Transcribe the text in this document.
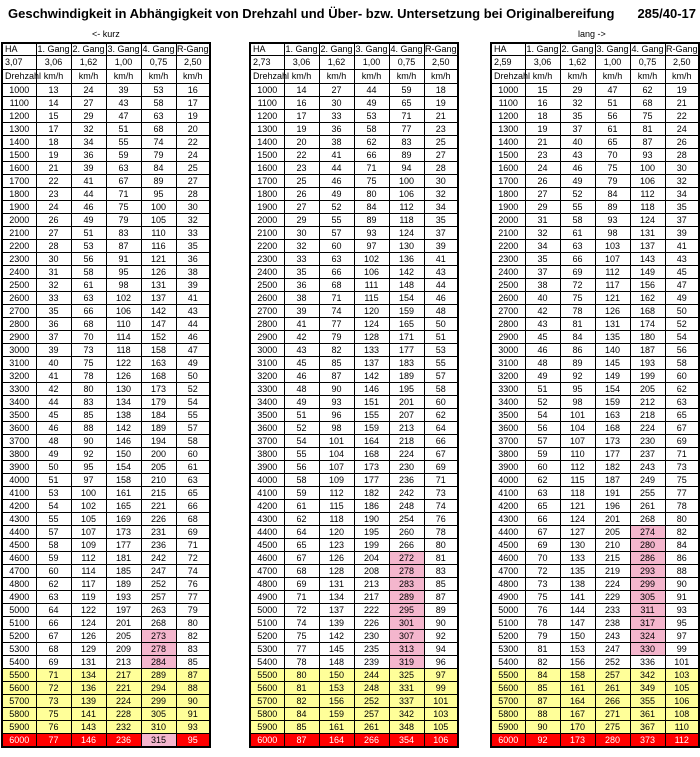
Geschwindigkeit in Abhängigkeit von Drehzahl und Über- bzw. Untersetzung bei Originalbereifung 285/40-17
<- kurz	lang ->
HA	1. Gang	2. Gang	3. Gang	4. Gang	R-Gang
3,07	3,06	1,62	1,00	0,75	2,50
Drehzahl	km/h	km/h	km/h	km/h	km/h
1000	13	24	39	53	16
1100	14	27	43	58	17
1200	15	29	47	63	19
1300	17	32	51	68	20
1400	18	34	55	74	22
1500	19	36	59	79	24
1600	21	39	63	84	25
1700	22	41	67	89	27
1800	23	44	71	95	28
1900	24	46	75	100	30
2000	26	49	79	105	32
2100	27	51	83	110	33
2200	28	53	87	116	35
2300	30	56	91	121	36
2400	31	58	95	126	38
2500	32	61	98	131	39
2600	33	63	102	137	41
2700	35	66	106	142	43
2800	36	68	110	147	44
2900	37	70	114	152	46
3000	39	73	118	158	47
3100	40	75	122	163	49
3200	41	78	126	168	50
3300	42	80	130	173	52
3400	44	83	134	179	54
3500	45	85	138	184	55
3600	46	88	142	189	57
3700	48	90	146	194	58
3800	49	92	150	200	60
3900	50	95	154	205	61
4000	51	97	158	210	63
4100	53	100	161	215	65
4200	54	102	165	221	66
4300	55	105	169	226	68
4400	57	107	173	231	69
4500	58	109	177	236	71
4600	59	112	181	242	72
4700	60	114	185	247	74
4800	62	117	189	252	76
4900	63	119	193	257	77
5000	64	122	197	263	79
5100	66	124	201	268	80
5200	67	126	205	273	82
5300	68	129	209	278	83
5400	69	131	213	284	85
5500	71	134	217	289	87
5600	72	136	221	294	88
5700	73	139	224	299	90
5800	75	141	228	305	91
5900	76	143	232	310	93
6000	77	146	236	315	95
HA	1. Gang	2. Gang	3. Gang	4. Gang	R-Gang
2,73	3,06	1,62	1,00	0,75	2,50
Drehzahl	km/h	km/h	km/h	km/h	km/h
1000	14	27	44	59	18
1100	16	30	49	65	19
1200	17	33	53	71	21
1300	19	36	58	77	23
1400	20	38	62	83	25
1500	22	41	66	89	27
1600	23	44	71	94	28
1700	25	46	75	100	30
1800	26	49	80	106	32
1900	27	52	84	112	34
2000	29	55	89	118	35
2100	30	57	93	124	37
2200	32	60	97	130	39
2300	33	63	102	136	41
2400	35	66	106	142	43
2500	36	68	111	148	44
2600	38	71	115	154	46
2700	39	74	120	159	48
2800	41	77	124	165	50
2900	42	79	128	171	51
3000	43	82	133	177	53
3100	45	85	137	183	55
3200	46	87	142	189	57
3300	48	90	146	195	58
3400	49	93	151	201	60
3500	51	96	155	207	62
3600	52	98	159	213	64
3700	54	101	164	218	66
3800	55	104	168	224	67
3900	56	107	173	230	69
4000	58	109	177	236	71
4100	59	112	182	242	73
4200	61	115	186	248	74
4300	62	118	190	254	76
4400	64	120	195	260	78
4500	65	123	199	266	80
4600	67	126	204	272	81
4700	68	128	208	278	83
4800	69	131	213	283	85
4900	71	134	217	289	87
5000	72	137	222	295	89
5100	74	139	226	301	90
5200	75	142	230	307	92
5300	77	145	235	313	94
5400	78	148	239	319	96
5500	80	150	244	325	97
5600	81	153	248	331	99
5700	82	156	252	337	101
5800	84	159	257	342	103
5900	85	161	261	348	105
6000	87	164	266	354	106
HA	1. Gang	2. Gang	3. Gang	4. Gang	R-Gang
2,59	3,06	1,62	1,00	0,75	2,50
Drehzahl	km/h	km/h	km/h	km/h	km/h
1000	15	29	47	62	19
1100	16	32	51	68	21
1200	18	35	56	75	22
1300	19	37	61	81	24
1400	21	40	65	87	26
1500	23	43	70	93	28
1600	24	46	75	100	30
1700	26	49	79	106	32
1800	27	52	84	112	34
1900	29	55	89	118	35
2000	31	58	93	124	37
2100	32	61	98	131	39
2200	34	63	103	137	41
2300	35	66	107	143	43
2400	37	69	112	149	45
2500	38	72	117	156	47
2600	40	75	121	162	49
2700	42	78	126	168	50
2800	43	81	131	174	52
2900	45	84	135	180	54
3000	46	86	140	187	56
3100	48	89	145	193	58
3200	49	92	149	199	60
3300	51	95	154	205	62
3400	52	98	159	212	63
3500	54	101	163	218	65
3600	56	104	168	224	67
3700	57	107	173	230	69
3800	59	110	177	237	71
3900	60	112	182	243	73
4000	62	115	187	249	75
4100	63	118	191	255	77
4200	65	121	196	261	78
4300	66	124	201	268	80
4400	67	127	205	274	82
4500	69	130	210	280	84
4600	70	133	215	286	86
4700	72	135	219	293	88
4800	73	138	224	299	90
4900	75	141	229	305	91
5000	76	144	233	311	93
5100	78	147	238	317	95
5200	79	150	243	324	97
5300	81	153	247	330	99
5400	82	156	252	336	101
5500	84	158	257	342	103
5600	85	161	261	349	105
5700	87	164	266	355	106
5800	88	167	271	361	108
5900	90	170	275	367	110
6000	92	173	280	373	112
